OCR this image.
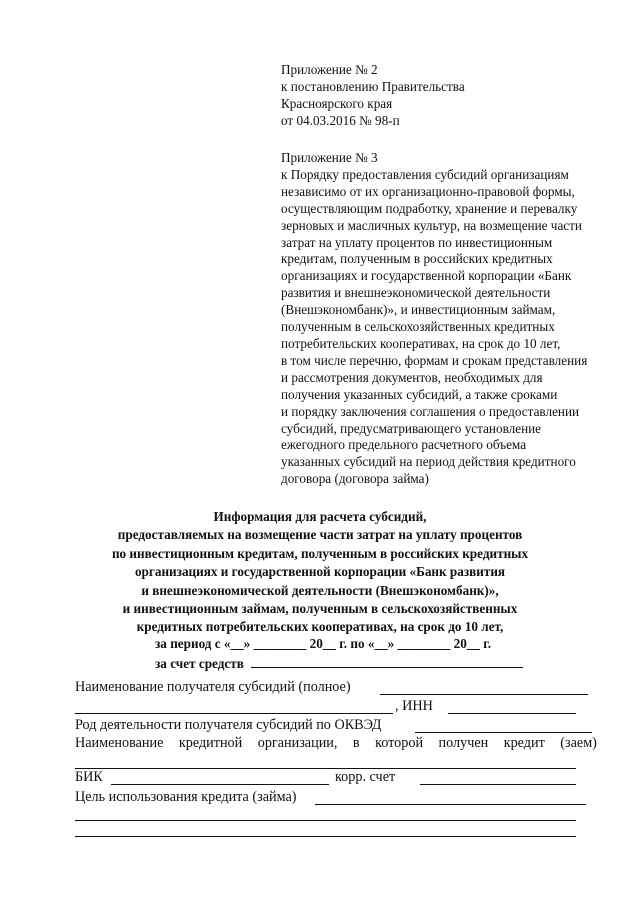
Приложение № 2
к постановлению Правительства
Красноярского края
от 04.03.2016 № 98-п
Приложение № 3
к Порядку предоставления субсидий организациям
независимо от их организационно-правовой формы,
осуществляющим подработку, хранение и перевалку
зерновых и масличных культур, на возмещение части
затрат на уплату процентов по инвестиционным
кредитам, полученным в российских кредитных
организациях и государственной корпорации «Банк
развития и внешнеэкономической деятельности
(Внешэкономбанк)», и инвестиционным займам,
полученным в сельскохозяйственных кредитных
потребительских кооперативах, на срок до 10 лет,
в том числе перечню, формам и срокам представления
и рассмотрения документов, необходимых для
получения указанных субсидий, а также сроками
и порядку заключения соглашения о предоставлении
субсидий, предусматривающего установление
ежегодного предельного расчетного объема
указанных субсидий на период действия кредитного
договора (договора займа)
Информация для расчета субсидий,
предоставляемых на возмещение части затрат на уплату процентов
по инвестиционным кредитам, полученным в российских кредитных
организациях и государственной корпорации «Банк развития
и внешнеэкономической деятельности (Внешэкономбанк)»,
и инвестиционным займам, полученным в сельскохозяйственных
кредитных потребительских кооперативах, на срок до 10 лет,
за период с «__» ________ 20__ г. по «__» ________ 20__ г.
за счет средств
Наименование получателя субсидий (полное)
, ИНН
Род деятельности получателя субсидий по ОКВЭД
Наименование кредитной организации, в которой получен кредит (заем)
БИК	корр. счет
Цель использования кредита (займа)
